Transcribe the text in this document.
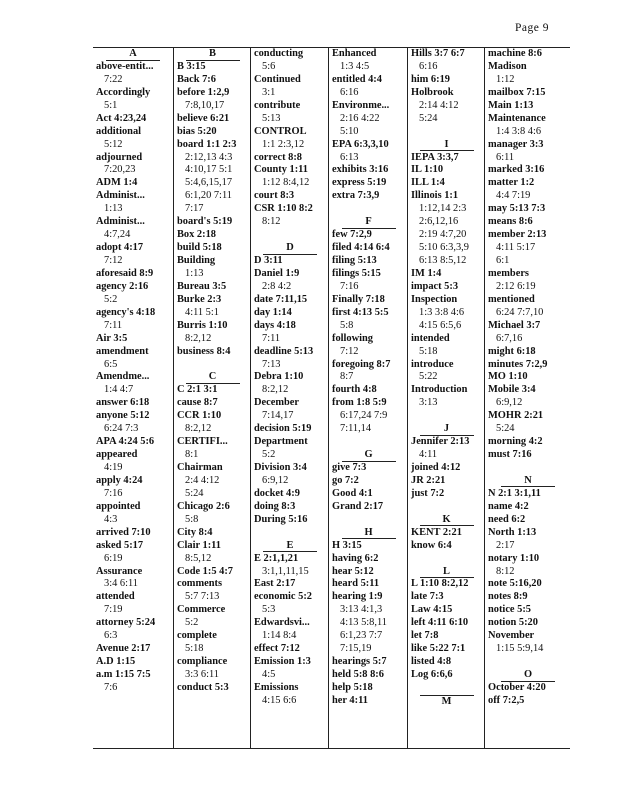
Page 9
A
above-entit...
7:22
Accordingly
5:1
Act 4:23,24
additional
5:12
adjourned
7:20,23
ADM 1:4
Administ...
1:13
Administ...
4:7,24
adopt 4:17
7:12
aforesaid 8:9
agency 2:16
5:2
agency's 4:18
7:11
Air 3:5
amendment
6:5
Amendme...
1:4 4:7
answer 6:18
anyone 5:12
6:24 7:3
APA 4:24 5:6
appeared
4:19
apply 4:24
7:16
appointed
4:3
arrived 7:10
asked 5:17
6:19
Assurance
3:4 6:11
attended
7:19
attorney 5:24
6:3
Avenue 2:17
A.D 1:15
a.m 1:15 7:5
7:6
B
B 3:15
Back 7:6
before 1:2,9
7:8,10,17
believe 6:21
bias 5:20
board 1:1 2:3
2:12,13 4:3
4:10,17 5:1
5:4,6,15,17
6:1,20 7:11
7:17
board's 5:19
Box 2:18
build 5:18
Building
1:13
Bureau 3:5
Burke 2:3
4:11 5:1
Burris 1:10
8:2,12
business 8:4
C
C 2:1 3:1
cause 8:7
CCR 1:10
8:2,12
CERTIFI...
8:1
Chairman
2:4 4:12
5:24
Chicago 2:6
5:8
City 8:4
Clair 1:11
8:5,12
Code 1:5 4:7
comments
5:7 7:13
Commerce
5:2
complete
5:18
compliance
3:3 6:11
conduct 5:3
conducting
5:6
Continued
3:1
contribute
5:13
CONTROL
1:1 2:3,12
correct 8:8
County 1:11
1:12 8:4,12
court 8:3
CSR 1:10 8:2
8:12
D
D 3:11
Daniel 1:9
2:8 4:2
date 7:11,15
day 1:14
days 4:18
7:11
deadline 5:13
7:13
Debra 1:10
8:2,12
December
7:14,17
decision 5:19
Department
5:2
Division 3:4
6:9,12
docket 4:9
doing 8:3
During 5:16
E
E 2:1,1,21
3:1,1,11,15
East 2:17
economic 5:2
5:3
Edwardsvi...
1:14 8:4
effect 7:12
Emission 1:3
4:5
Emissions
4:15 6:6
Enhanced
1:3 4:5
entitled 4:4
6:16
Environme...
2:16 4:22
5:10
EPA 6:3,3,10
6:13
exhibits 3:16
express 5:19
extra 7:3,9
F
few 7:2,9
filed 4:14 6:4
filing 5:13
filings 5:15
7:16
Finally 7:18
first 4:13 5:5
5:8
following
7:12
foregoing 8:7
8:7
fourth 4:8
from 1:8 5:9
6:17,24 7:9
7:11,14
G
give 7:3
go 7:2
Good 4:1
Grand 2:17
H
H 3:15
having 6:2
hear 5:12
heard 5:11
hearing 1:9
3:13 4:1,3
4:13 5:8,11
6:1,23 7:7
7:15,19
hearings 5:7
held 5:8 8:6
help 5:18
her 4:11
Hills 3:7 6:7
6:16
him 6:19
Holbrook
2:14 4:12
5:24
I
IEPA 3:3,7
IL 1:10
ILL 1:4
Illinois 1:1
1:12,14 2:3
2:6,12,16
2:19 4:7,20
5:10 6:3,3,9
6:13 8:5,12
IM 1:4
impact 5:3
Inspection
1:3 3:8 4:6
4:15 6:5,6
intended
5:18
introduce
5:22
Introduction
3:13
J
Jennifer 2:13
4:11
joined 4:12
JR 2:21
just 7:2
K
KENT 2:21
know 6:4
L
L 1:10 8:2,12
late 7:3
Law 4:15
left 4:11 6:10
let 7:8
like 5:22 7:1
listed 4:8
Log 6:6,6
M
machine 8:6
Madison
1:12
mailbox 7:15
Main 1:13
Maintenance
1:4 3:8 4:6
manager 3:3
6:11
marked 3:16
matter 1:2
4:4 7:19
may 5:13 7:3
means 8:6
member 2:13
4:11 5:17
6:1
members
2:12 6:19
mentioned
6:24 7:7,10
Michael 3:7
6:7,16
might 6:18
minutes 7:2,9
MO 1:10
Mobile 3:4
6:9,12
MOHR 2:21
5:24
morning 4:2
must 7:16
N
N 2:1 3:1,11
name 4:2
need 6:2
North 1:13
2:17
notary 1:10
8:12
note 5:16,20
notes 8:9
notice 5:5
notion 5:20
November
1:15 5:9,14
O
October 4:20
off 7:2,5
